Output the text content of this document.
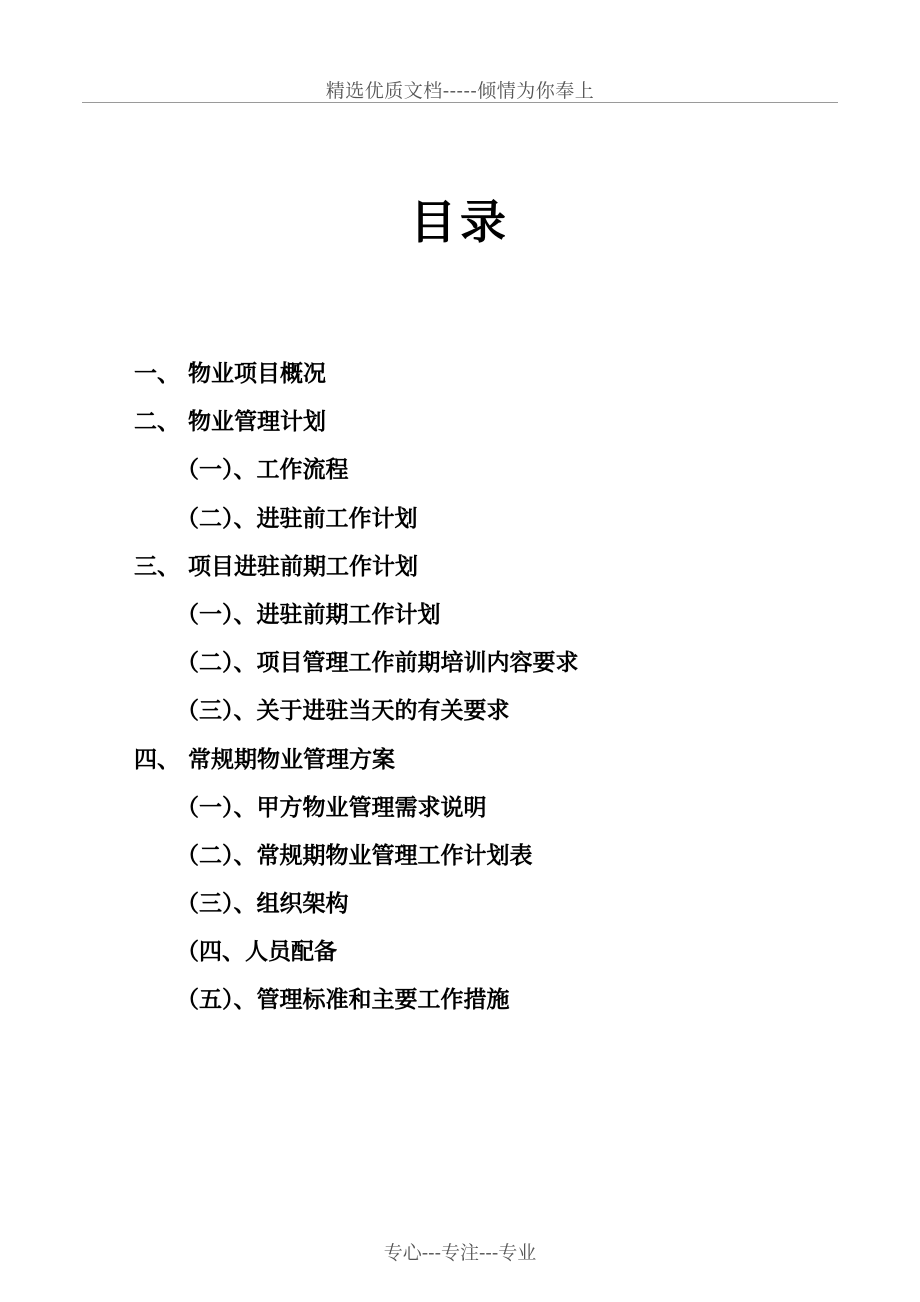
精选优质文档-----倾情为你奉上
目录
一、 物业项目概况
二、 物业管理计划
（一）、工作流程
（二）、进驻前工作计划
三、 项目进驻前期工作计划
（一）、进驻前期工作计划
（二）、项目管理工作前期培训内容要求
（三）、关于进驻当天的有关要求
四、 常规期物业管理方案
（一）、甲方物业管理需求说明
（二）、常规期物业管理工作计划表
（三）、组织架构
（四、人员配备
（五）、管理标准和主要工作措施
专心---专注---专业
